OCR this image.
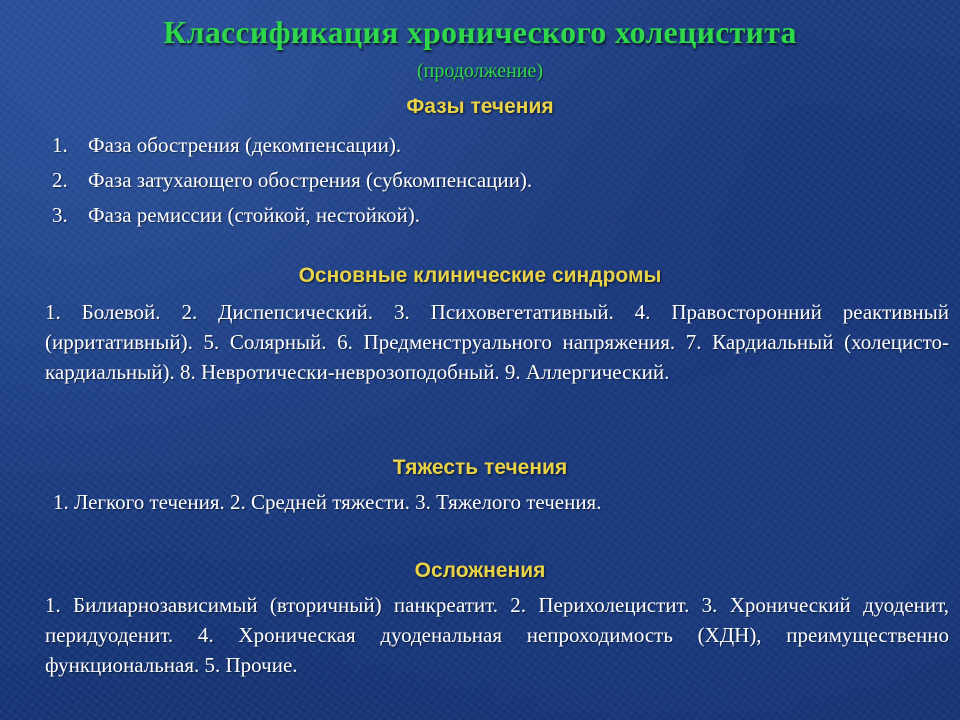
Классификация хронического холецистита
(продолжение)
Фазы течения
1. Фаза обострения (декомпенсации).
2. Фаза затухающего обострения (субкомпенсации).
3. Фаза ремиссии (стойкой, нестойкой).
Основные клинические синдромы
1. Болевой. 2. Диспепсический. 3. Психовегетативный. 4. Правосторонний реактивный (ирритативный). 5. Солярный. 6. Предменструального напряжения. 7. Кардиальный (холецисто-кардиальный). 8. Невротически-неврозоподобный. 9. Аллергический.
Тяжесть течения
1. Легкого течения. 2. Средней тяжести. 3. Тяжелого течения.
Осложнения
1. Билиарнозависимый (вторичный) панкреатит. 2. Перихолецистит. 3. Хронический дуоденит, перидуоденит. 4. Хроническая дуоденальная непроходимость (ХДН), преимущественно функциональная. 5. Прочие.
